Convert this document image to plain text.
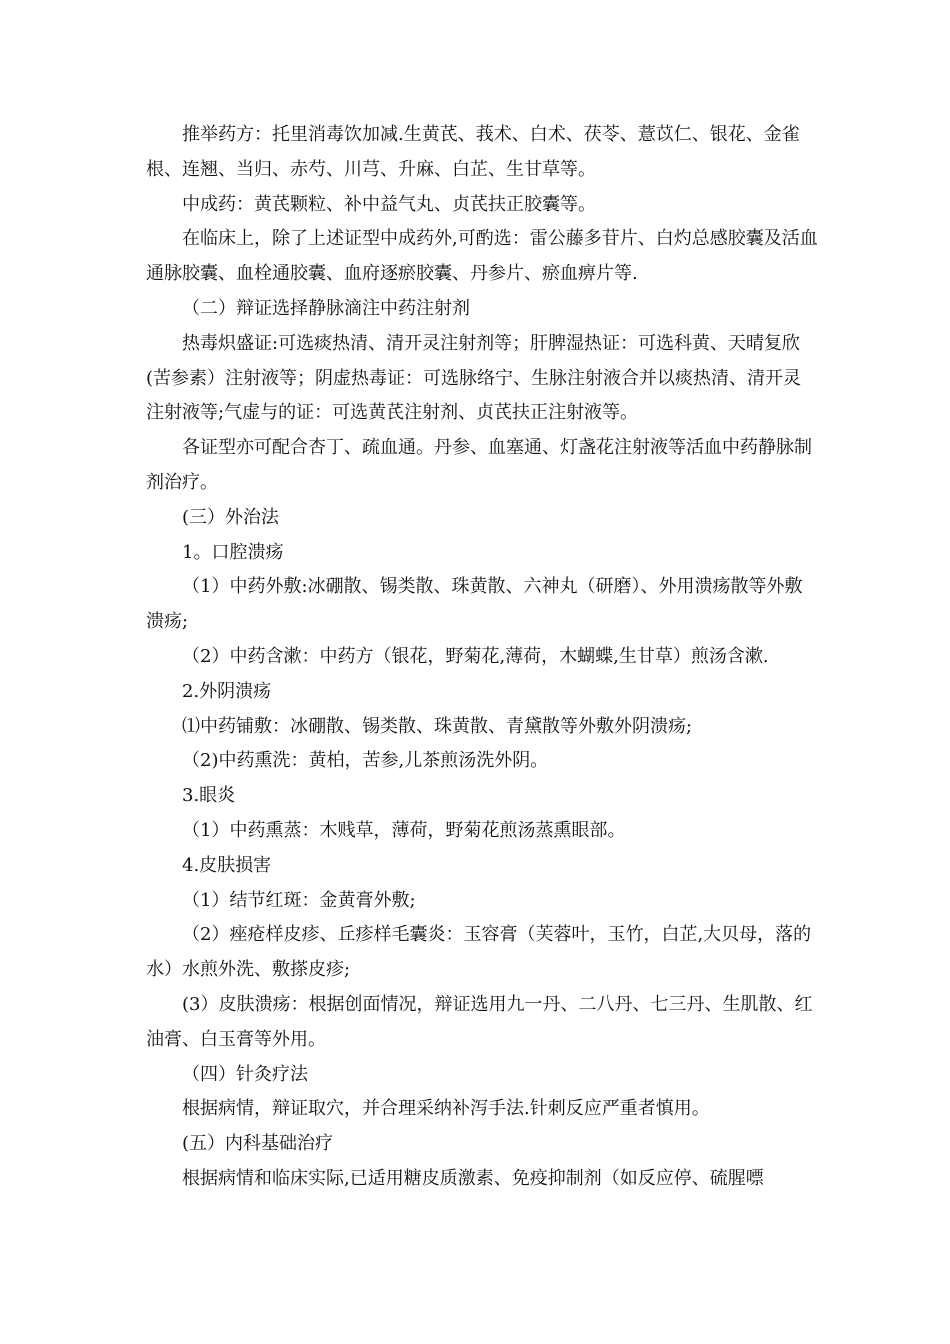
推举药方：托里消毒饮加减.生黄芪、莪术、白术、茯苓、薏苡仁、银花、金雀根、连翘、当归、赤芍、川芎、升麻、白芷、生甘草等。

中成药：黄芪颗粒、补中益气丸、贞芪扶正胶囊等。

在临床上，除了上述证型中成药外,可酌选：雷公藤多苷片、白灼总感胶囊及活血通脉胶囊、血栓通胶囊、血府逐瘀胶囊、丹参片、瘀血痹片等.

（二）辩证选择静脉滴注中药注射剂

热毒炽盛证:可选痰热清、清开灵注射剂等；肝脾湿热证：可选科黄、天晴复欣(苦参素）注射液等；阴虚热毒证：可选脉络宁、生脉注射液合并以痰热清、清开灵注射液等;气虚与的证：可选黄芪注射剂、贞芪扶正注射液等。

各证型亦可配合杏丁、疏血通。丹参、血塞通、灯盏花注射液等活血中药静脉制剂治疗。

(三）外治法

1。口腔溃疡

（1）中药外敷:冰硼散、锡类散、珠黄散、六神丸（研磨）、外用溃疡散等外敷溃疡;

（2）中药含漱：中药方（银花，野菊花,薄荷，木蝴蝶,生甘草）煎汤含漱.

2.外阴溃疡

⑴中药铺敷：冰硼散、锡类散、珠黄散、青黛散等外敷外阴溃疡;

（2)中药熏洗：黄柏，苦参,儿茶煎汤洗外阴。

3.眼炎

（1）中药熏蒸：木贱草，薄荷，野菊花煎汤蒸熏眼部。

4.皮肤损害

（1）结节红斑：金黄膏外敷;

（2）痤疮样皮疹、丘疹样毛囊炎：玉容膏（芙蓉叶，玉竹，白芷,大贝母，落的水）水煎外洗、敷搽皮疹;

(3）皮肤溃疡：根据创面情况，辩证选用九一丹、二八丹、七三丹、生肌散、红油膏、白玉膏等外用。

（四）针灸疗法

根据病情，辩证取穴，并合理采纳补泻手法.针刺反应严重者慎用。

(五）内科基础治疗

根据病情和临床实际,已适用糖皮质激素、免疫抑制剂（如反应停、硫腥嘌
